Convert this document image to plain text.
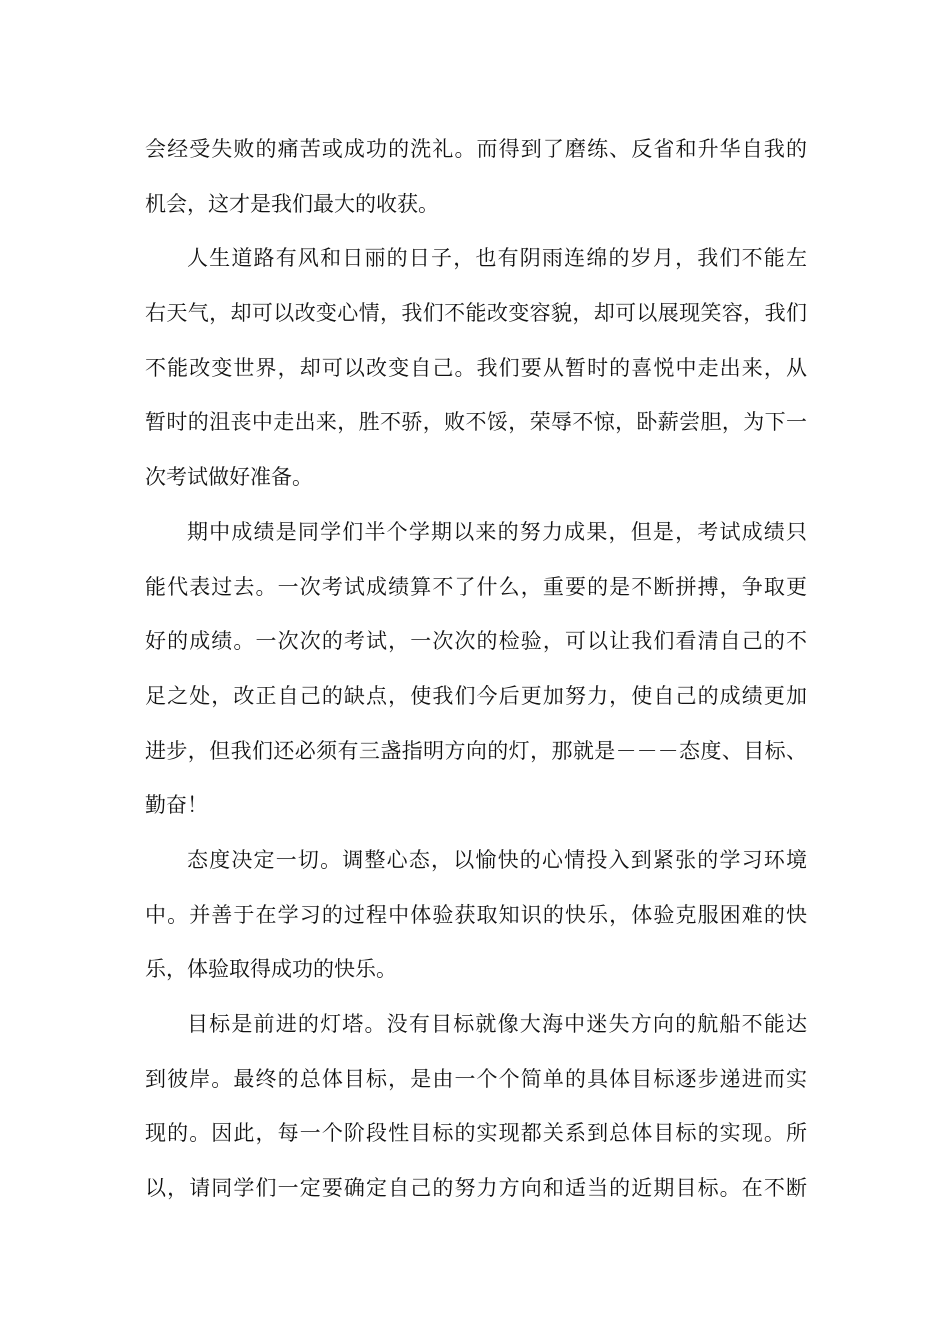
会经受失败的痛苦或成功的洗礼。而得到了磨练、反省和升华自我的
机会，这才是我们最大的收获。
人生道路有风和日丽的日子，也有阴雨连绵的岁月，我们不能左
右天气，却可以改变心情，我们不能改变容貌，却可以展现笑容，我们
不能改变世界，却可以改变自己。我们要从暂时的喜悦中走出来，从
暂时的沮丧中走出来，胜不骄，败不馁，荣辱不惊，卧薪尝胆，为下一
次考试做好准备。
期中成绩是同学们半个学期以来的努力成果，但是，考试成绩只
能代表过去。一次考试成绩算不了什么，重要的是不断拼搏，争取更
好的成绩。一次次的考试，一次次的检验，可以让我们看清自己的不
足之处，改正自己的缺点，使我们今后更加努力，使自己的成绩更加
进步，但我们还必须有三盏指明方向的灯，那就是－－－态度、目标、
勤奋！
态度决定一切。调整心态，以愉快的心情投入到紧张的学习环境
中。并善于在学习的过程中体验获取知识的快乐，体验克服困难的快
乐，体验取得成功的快乐。
目标是前进的灯塔。没有目标就像大海中迷失方向的航船不能达
到彼岸。最终的总体目标，是由一个个简单的具体目标逐步递进而实
现的。因此，每一个阶段性目标的实现都关系到总体目标的实现。所
以，请同学们一定要确定自己的努力方向和适当的近期目标。在不断
